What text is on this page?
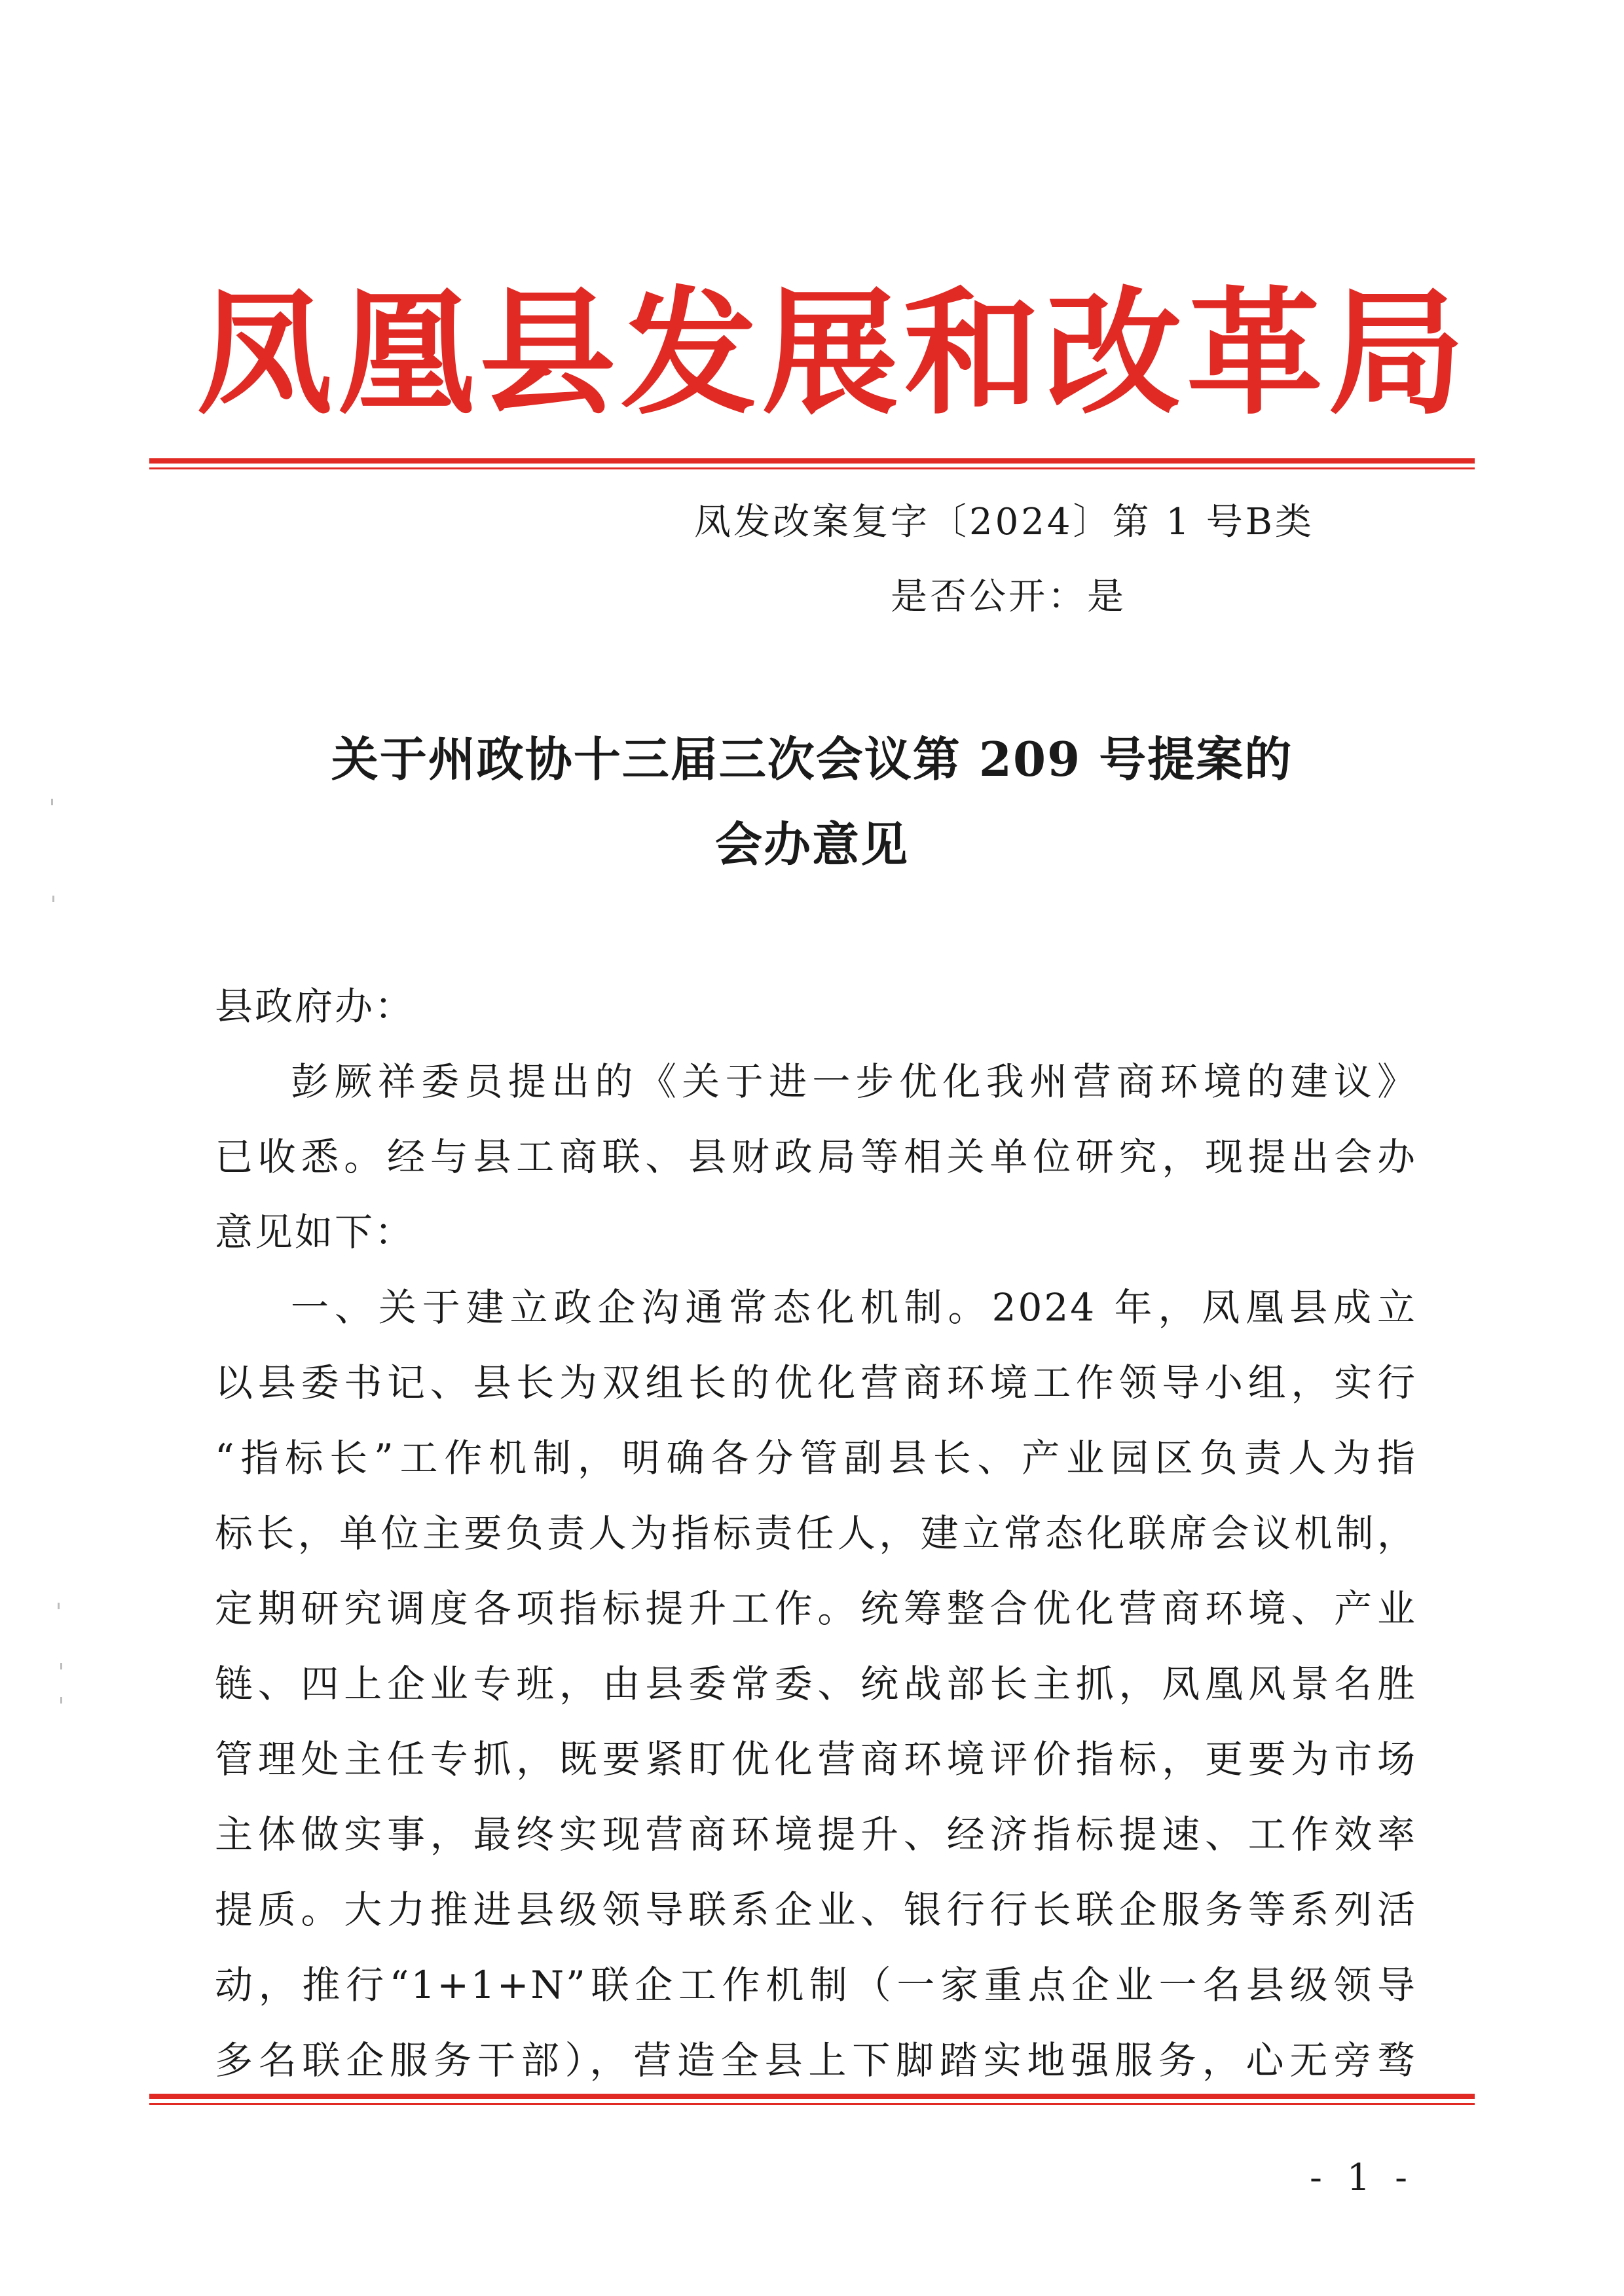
凤凰县发展和改革局
凤发改案复字〔2024〕第 1 号B类
是否公开：是
关于州政协十三届三次会议第 209 号提案的
会办意见
县政府办：
彭厥祥委员提出的《关于进一步优化我州营商环境的建议》
已收悉。经与县工商联、县财政局等相关单位研究，现提出会办
意见如下：
一、关于建立政企沟通常态化机制。2024 年，凤凰县成立
以县委书记、县长为双组长的优化营商环境工作领导小组，实行
“指标长”工作机制，明确各分管副县长、产业园区负责人为指
标长，单位主要负责人为指标责任人，建立常态化联席会议机制，
定期研究调度各项指标提升工作。统筹整合优化营商环境、产业
链、四上企业专班，由县委常委、统战部长主抓，凤凰风景名胜
管理处主任专抓，既要紧盯优化营商环境评价指标，更要为市场
主体做实事，最终实现营商环境提升、经济指标提速、工作效率
提质。大力推进县级领导联系企业、银行行长联企服务等系列活
动，推行“1+1+N”联企工作机制（一家重点企业一名县级领导
多名联企服务干部），营造全县上下脚踏实地强服务，心无旁骛
- 1 -
